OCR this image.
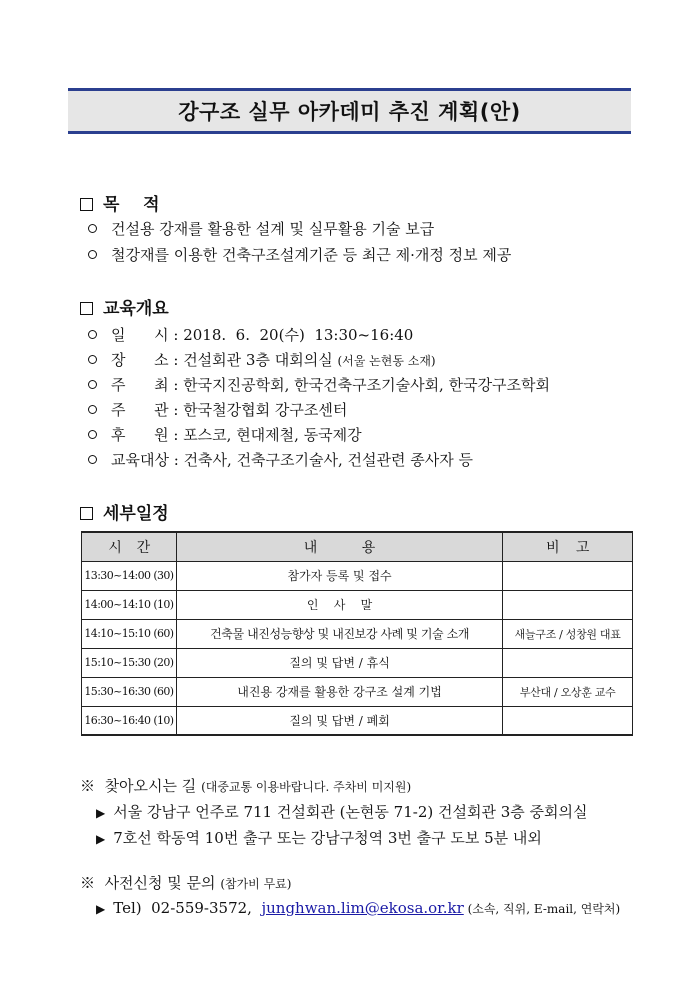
강구조 실무 아카데미 추진 계획(안)
목    적
건설용 강재를 활용한 설계 및 실무활용 기술 보급
철강재를 이용한 건축구조설계기준 등 최근 제·개정 정보 제공
교육개요
일      시 : 2018.  6.  20(수)  13:30~16:40
장      소 : 건설회관 3층 대회의실 (서울 논현동 소재)
주      최 : 한국지진공학회, 한국건축구조기술사회, 한국강구조학회
주      관 : 한국철강협회 강구조센터
후      원 : 포스코, 현대제철, 동국제강
교육대상 : 건축사, 건축구조기술사, 건설관련 종사자 등
세부일정
시    간	내          용	비    고
13:30~14:00 (30)	참가자 등록 및 접수	
14:00~14:10 (10)	인    사    말	
14:10~15:10 (60)	건축물 내진성능향상 및 내진보강 사례 및 기술 소개	새늘구조 / 성창원 대표
15:10~15:30 (20)	질의 및 답변 / 휴식	
15:30~16:30 (60)	내진용 강재를 활용한 강구조 설계 기법	부산대 / 오상훈 교수
16:30~16:40 (10)	질의 및 답변 / 폐회	
※ 찾아오시는 길 (대중교통 이용바랍니다. 주차비 미지원)
▶ 서울 강남구 언주로 711 건설회관 (논현동 71-2) 건설회관 3층 중회의실
▶ 7호선 학동역 10번 출구 또는 강남구청역 3번 출구 도보 5분 내외
※ 사전신청 및 문의 (참가비 무료)
▶ Tel)  02-559-3572,  junghwan.lim@ekosa.or.kr (소속, 직위, E-mail, 연락처)
